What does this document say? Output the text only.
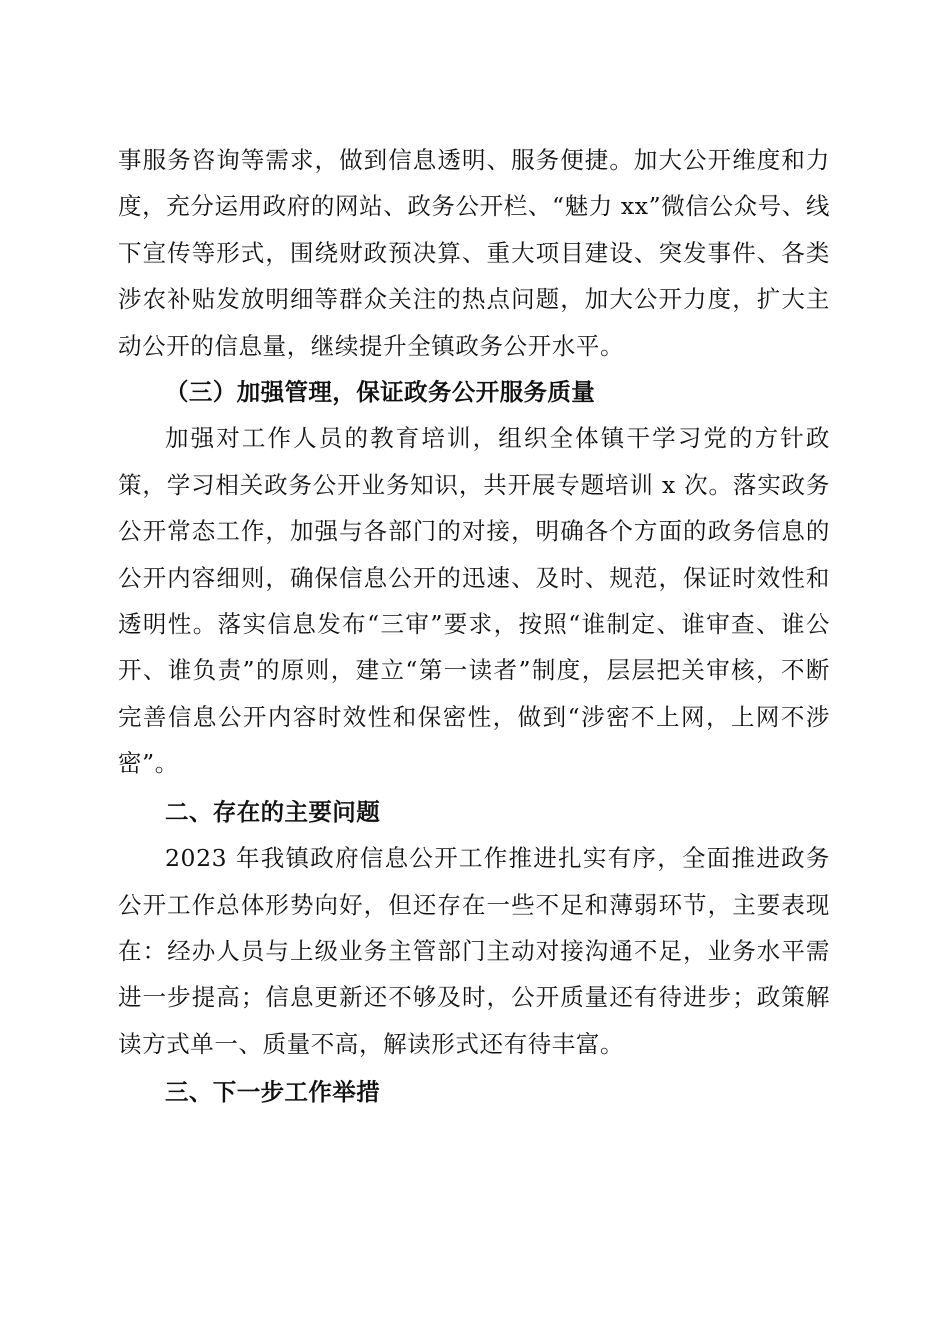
事服务咨询等需求，做到信息透明、服务便捷。加大公开维度和力度，充分运用政府的网站、政务公开栏、“魅力 xx”微信公众号、线下宣传等形式，围绕财政预决算、重大项目建设、突发事件、各类涉农补贴发放明细等群众关注的热点问题，加大公开力度，扩大主动公开的信息量，继续提升全镇政务公开水平。

（三）加强管理，保证政务公开服务质量

加强对工作人员的教育培训，组织全体镇干学习党的方针政策，学习相关政务公开业务知识，共开展专题培训 x 次。落实政务公开常态工作，加强与各部门的对接，明确各个方面的政务信息的公开内容细则，确保信息公开的迅速、及时、规范，保证时效性和透明性。落实信息发布“三审”要求，按照“谁制定、谁审查、谁公开、谁负责”的原则，建立“第一读者”制度，层层把关审核，不断完善信息公开内容时效性和保密性，做到“涉密不上网，上网不涉密”。

二、存在的主要问题

2023 年我镇政府信息公开工作推进扎实有序，全面推进政务公开工作总体形势向好，但还存在一些不足和薄弱环节，主要表现在：经办人员与上级业务主管部门主动对接沟通不足，业务水平需进一步提高；信息更新还不够及时，公开质量还有待进步；政策解读方式单一、质量不高，解读形式还有待丰富。

三、下一步工作举措
